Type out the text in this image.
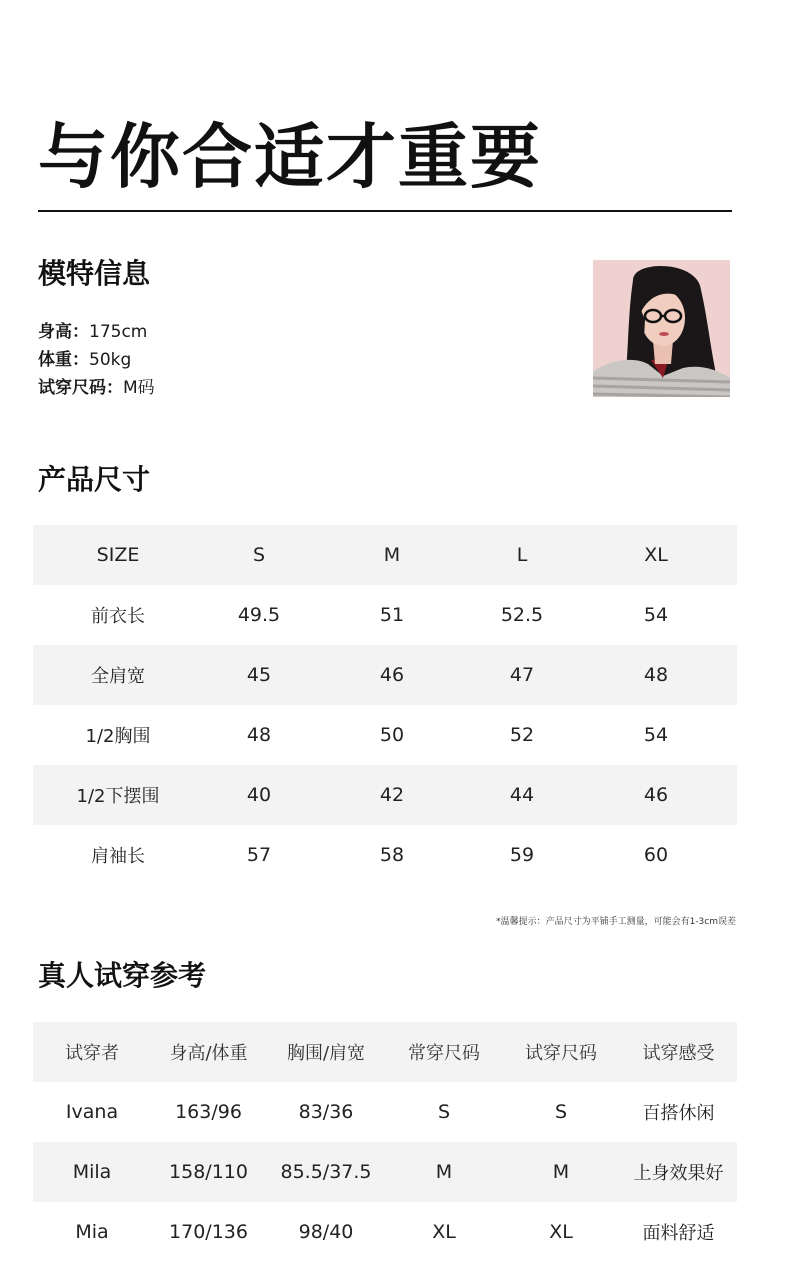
与你合适才重要
模特信息
身高：175cm
体重：50kg
试穿尺码：M码
产品尺寸
SIZE	S	M	L	XL
前衣长	49.5	51	52.5	54
全肩宽	45	46	47	48
1/2胸围	48	50	52	54
1/2下摆围	40	42	44	46
肩袖长	57	58	59	60
*温馨提示：产品尺寸为平铺手工测量，可能会有1-3cm误差
真人试穿参考
试穿者	身高/体重	胸围/肩宽	常穿尺码	试穿尺码	试穿感受
Ivana	163/96	83/36	S	S	百搭休闲
Mila	158/110	85.5/37.5	M	M	上身效果好
Mia	170/136	98/40	XL	XL	面料舒适
